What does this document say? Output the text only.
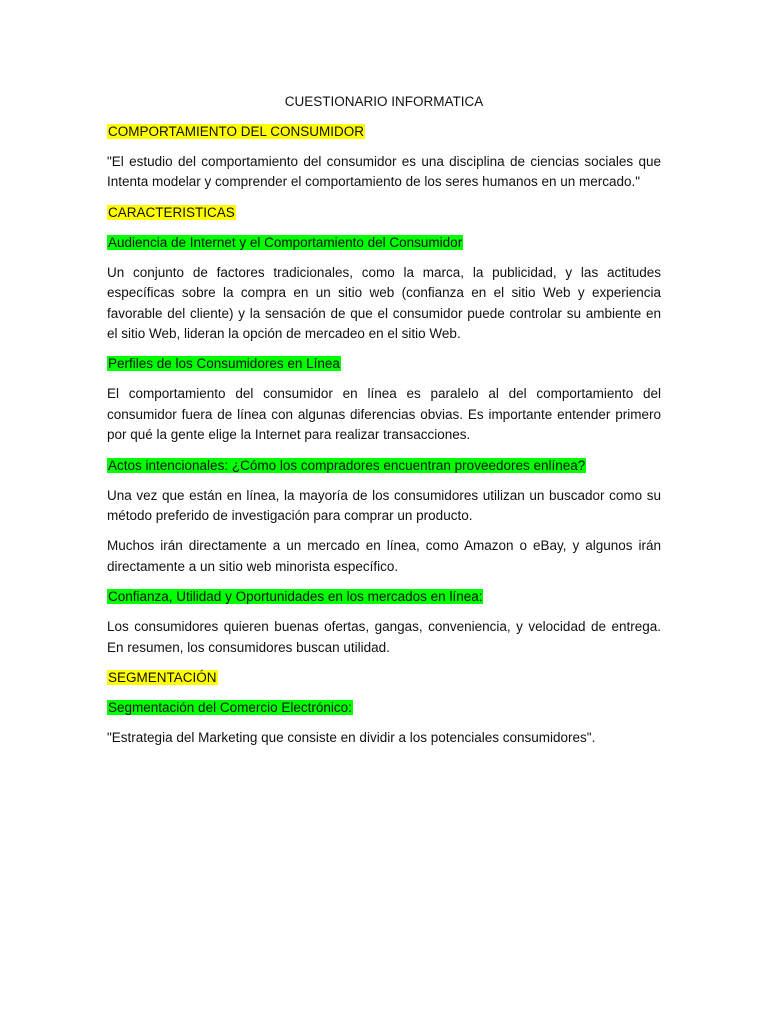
CUESTIONARIO INFORMATICA
COMPORTAMIENTO DEL CONSUMIDOR

"El estudio del comportamiento del consumidor es una disciplina de ciencias sociales que Intenta modelar y comprender el comportamiento de los seres humanos en un mercado."

CARACTERISTICAS
Audiencia de Internet y el Comportamiento del Consumidor

Un conjunto de factores tradicionales, como la marca, la publicidad, y las actitudes específicas sobre la compra en un sitio web (confianza en el sitio Web y experiencia favorable del cliente) y la sensación de que el consumidor puede controlar su ambiente en el sitio Web, lideran la opción de mercadeo en el sitio Web.

Perfiles de los Consumidores en Línea

El comportamiento del consumidor en línea es paralelo al del comportamiento del consumidor fuera de línea con algunas diferencias obvias. Es importante entender primero por qué la gente elige la Internet para realizar transacciones.

Actos intencionales: ¿Cómo los compradores encuentran proveedores enlínea?

Una vez que están en línea, la mayoría de los consumidores utilizan un buscador como su método preferido de investigación para comprar un producto.

Muchos irán directamente a un mercado en línea, como Amazon o eBay, y algunos irán directamente a un sitio web minorista específico.

Confianza, Utilidad y Oportunidades en los mercados en línea:

Los consumidores quieren buenas ofertas, gangas, conveniencia, y velocidad de entrega. En resumen, los consumidores buscan utilidad.

SEGMENTACIÓN
Segmentación del Comercio Electrónico:

"Estrategia del Marketing que consiste en dividir a los potenciales consumidores".
